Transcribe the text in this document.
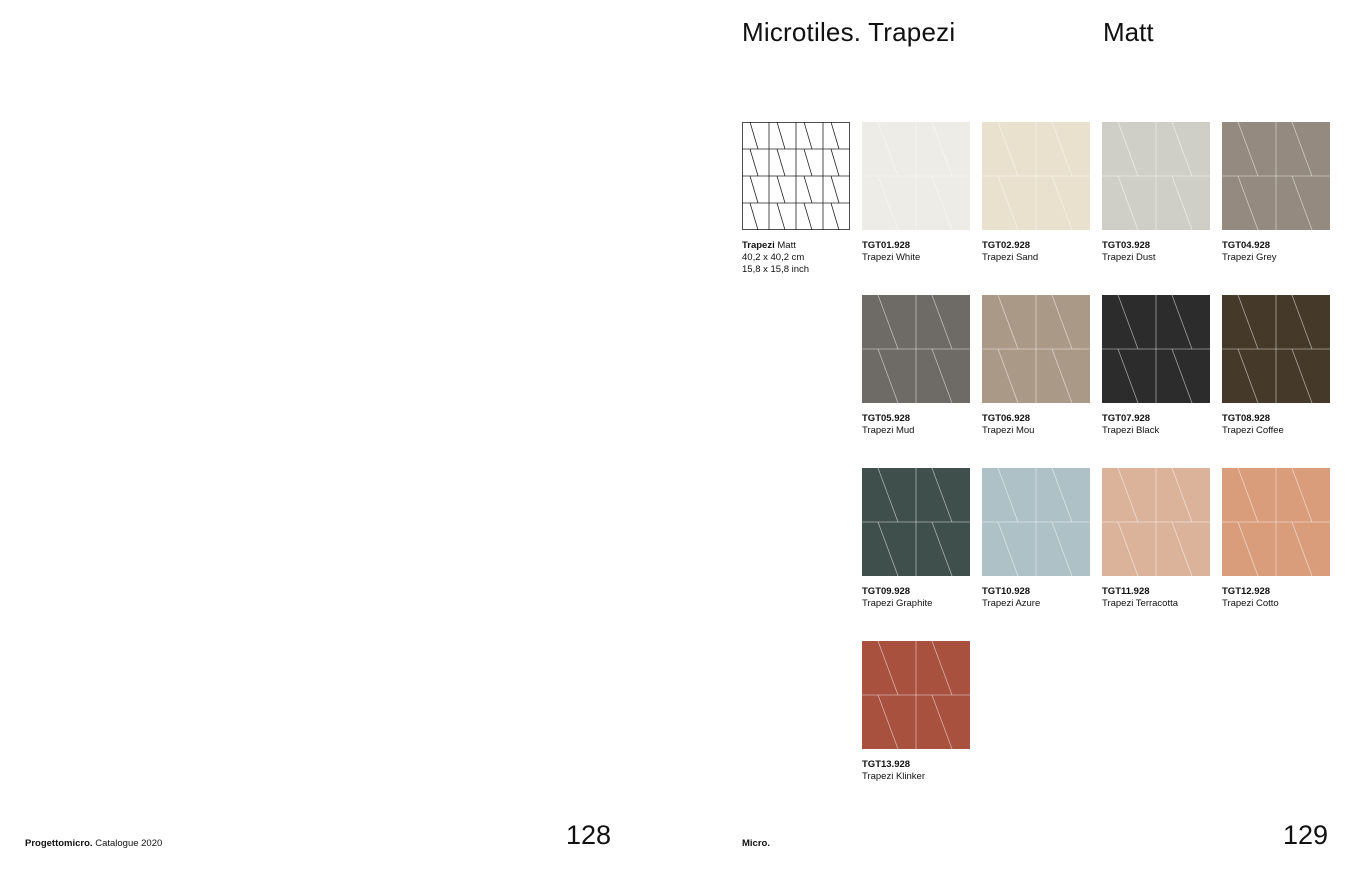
Microtiles. Trapezi	Matt
Trapezi Matt
40,2 x 40,2 cm
15,8 x 15,8 inch
TGT01.928
Trapezi White
TGT02.928
Trapezi Sand
TGT03.928
Trapezi Dust
TGT04.928
Trapezi Grey
TGT05.928
Trapezi Mud
TGT06.928
Trapezi Mou
TGT07.928
Trapezi Black
TGT08.928
Trapezi Coffee
TGT09.928
Trapezi Graphite
TGT10.928
Trapezi Azure
TGT11.928
Trapezi Terracotta
TGT12.928
Trapezi Cotto
TGT13.928
Trapezi Klinker
Progettomicro. Catalogue 2020	128	Micro.	129
